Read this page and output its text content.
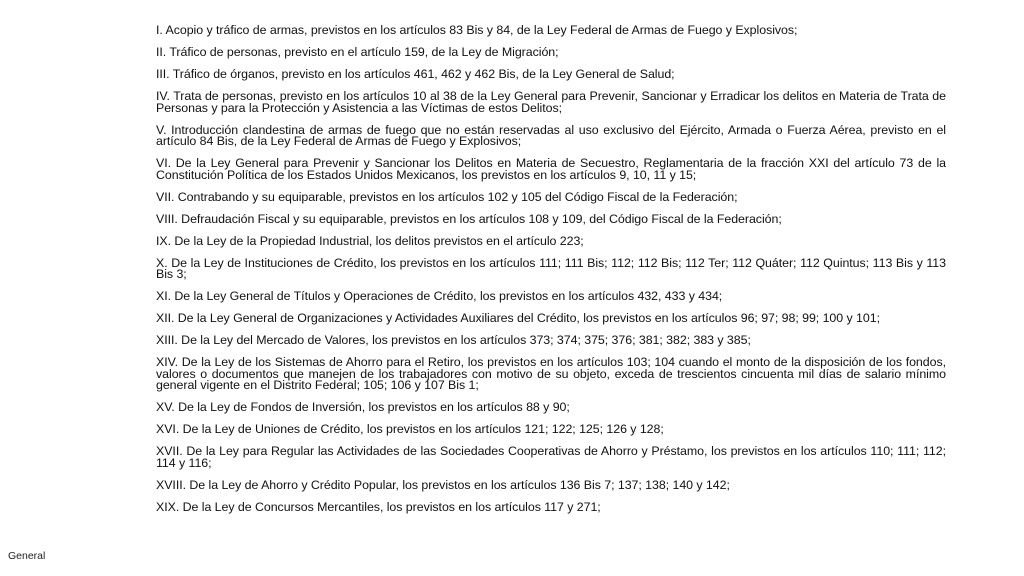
I. Acopio y tráfico de armas, previstos en los artículos 83 Bis y 84, de la Ley Federal de Armas de Fuego y Explosivos;
II. Tráfico de personas, previsto en el artículo 159, de la Ley de Migración;
III. Tráfico de órganos, previsto en los artículos 461, 462 y 462 Bis, de la Ley General de Salud;
IV. Trata de personas, previsto en los artículos 10 al 38 de la Ley General para Prevenir, Sancionar y Erradicar los delitos en Materia de Trata de Personas y para la Protección y Asistencia a las Víctimas de estos Delitos;
V. Introducción clandestina de armas de fuego que no están reservadas al uso exclusivo del Ejército, Armada o Fuerza Aérea, previsto en el artículo 84 Bis, de la Ley Federal de Armas de Fuego y Explosivos;
VI. De la Ley General para Prevenir y Sancionar los Delitos en Materia de Secuestro, Reglamentaria de la fracción XXI del artículo 73 de la Constitución Política de los Estados Unidos Mexicanos, los previstos en los artículos 9, 10, 11 y 15;
VII. Contrabando y su equiparable, previstos en los artículos 102 y 105 del Código Fiscal de la Federación;
VIII. Defraudación Fiscal y su equiparable, previstos en los artículos 108 y 109, del Código Fiscal de la Federación;
IX. De la Ley de la Propiedad Industrial, los delitos previstos en el artículo 223;
X. De la Ley de Instituciones de Crédito, los previstos en los artículos 111; 111 Bis; 112; 112 Bis; 112 Ter; 112 Quáter; 112 Quintus; 113 Bis y 113 Bis 3;
XI. De la Ley General de Títulos y Operaciones de Crédito, los previstos en los artículos 432, 433 y 434;
XII. De la Ley General de Organizaciones y Actividades Auxiliares del Crédito, los previstos en los artículos 96; 97; 98; 99; 100 y 101;
XIII. De la Ley del Mercado de Valores, los previstos en los artículos 373; 374; 375; 376; 381; 382; 383 y 385;
XIV. De la Ley de los Sistemas de Ahorro para el Retiro, los previstos en los artículos 103; 104 cuando el monto de la disposición de los fondos, valores o documentos que manejen de los trabajadores con motivo de su objeto, exceda de trescientos cincuenta mil días de salario mínimo general vigente en el Distrito Federal; 105; 106 y 107 Bis 1;
XV. De la Ley de Fondos de Inversión, los previstos en los artículos 88 y 90;
XVI. De la Ley de Uniones de Crédito, los previstos en los artículos 121; 122; 125; 126 y 128;
XVII. De la Ley para Regular las Actividades de las Sociedades Cooperativas de Ahorro y Préstamo, los previstos en los artículos 110; 111; 112; 114 y 116;
XVIII. De la Ley de Ahorro y Crédito Popular, los previstos en los artículos 136 Bis 7; 137; 138; 140 y 142;
XIX. De la Ley de Concursos Mercantiles, los previstos en los artículos 117 y 271;
General
